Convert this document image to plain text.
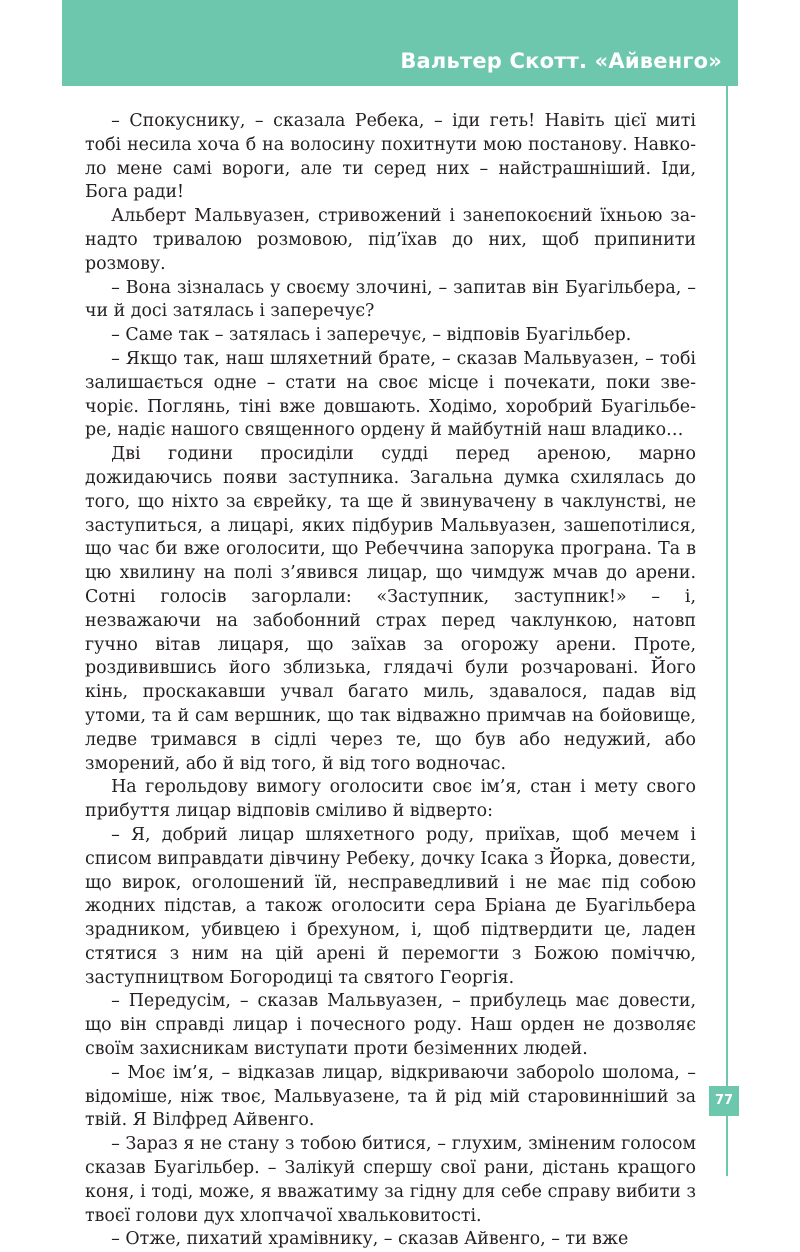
Вальтер Скотт. «Айвенго»

– Спокуснику, – сказала Ребека, – іди геть! Навіть цієї миті тобі несила хоча б на волосину похитнути мою постанову. Навколо мене самі вороги, але ти серед них – найстрашніший. Іди, Бога ради!

Альберт Мальвуазен, стривожений і занепокоєний їхньою занадто тривалою розмовою, під’їхав до них, щоб припинити розмову.

– Вона зізналась у своєму злочині, – запитав він Буагільбера, – чи й досі затялась і заперечує?

– Саме так – затялась і заперечує, – відповів Буагільбер.

– Якщо так, наш шляхетний брате, – сказав Мальвуазен, – тобі залишається одне – стати на своє місце і почекати, поки звечоріє. Поглянь, тіні вже довшають. Ходімо, хоробрий Буагільбере, надіє нашого священного ордену й майбутній наш владико…

Дві години просиділи судді перед ареною, марно дожидаючись появи заступника. Загальна думка схилялась до того, що ніхто за єврейку, та ще й звинувачену в чаклунстві, не заступиться, а лицарі, яких підбурив Мальвуазен, зашепотілися, що час би вже оголосити, що Ребеччина запорука програна. Та в цю хвилину на полі з’явився лицар, що чимдуж мчав до арени. Сотні голосів загорлали: «Заступник, заступник!» – і, незважаючи на забобонний страх перед чаклункою, натовп гучно вітав лицаря, що заїхав за огорожу арени. Проте, роздивившись його зблизька, глядачі були розчаровані. Його кінь, проскакавши учвал багато миль, здавалося, падав від утоми, та й сам вершник, що так відважно примчав на бойовище, ледве тримався в сідлі через те, що був або недужий, або зморений, або й від того, й від того водночас.

На герольдову вимогу оголосити своє ім’я, стан і мету свого прибуття лицар відповів сміливо й відверто:

– Я, добрий лицар шляхетного роду, приїхав, щоб мечем і списом виправдати дівчину Ребеку, дочку Ісака з Йорка, довести, що вирок, оголошений їй, несправедливий і не має під собою жодних підстав, а також оголосити сера Бріана де Буагільбера зрадником, убивцею і брехуном, і, щоб підтвердити це, ладен стятися з ним на цій арені й перемогти з Божою поміччю, заступництвом Богородиці та святого Георгія.

– Передусім, – сказав Мальвуазен, – прибулець має довести, що він справді лицар і почесного роду. Наш орден не дозволяє своїм захисникам виступати проти безіменних людей.

– Моє ім’я, – відказав лицар, відкриваючи заборolo шолома, – відоміше, ніж твоє, Мальвуазене, та й рід мій старовинніший за твій. Я Вілфред Айвенго.

– Зараз я не стану з тобою битися, – глухим, зміненим голосом сказав Буагільбер. – Залікуй спершу свої рани, дістань кращого коня, і тоді, може, я вважатиму за гідну для себе справу вибити з твоєї голови дух хлопчачої хвальковитості.

– Отже, пихатий храмівнику, – сказав Айвенго, – ти вже

77
